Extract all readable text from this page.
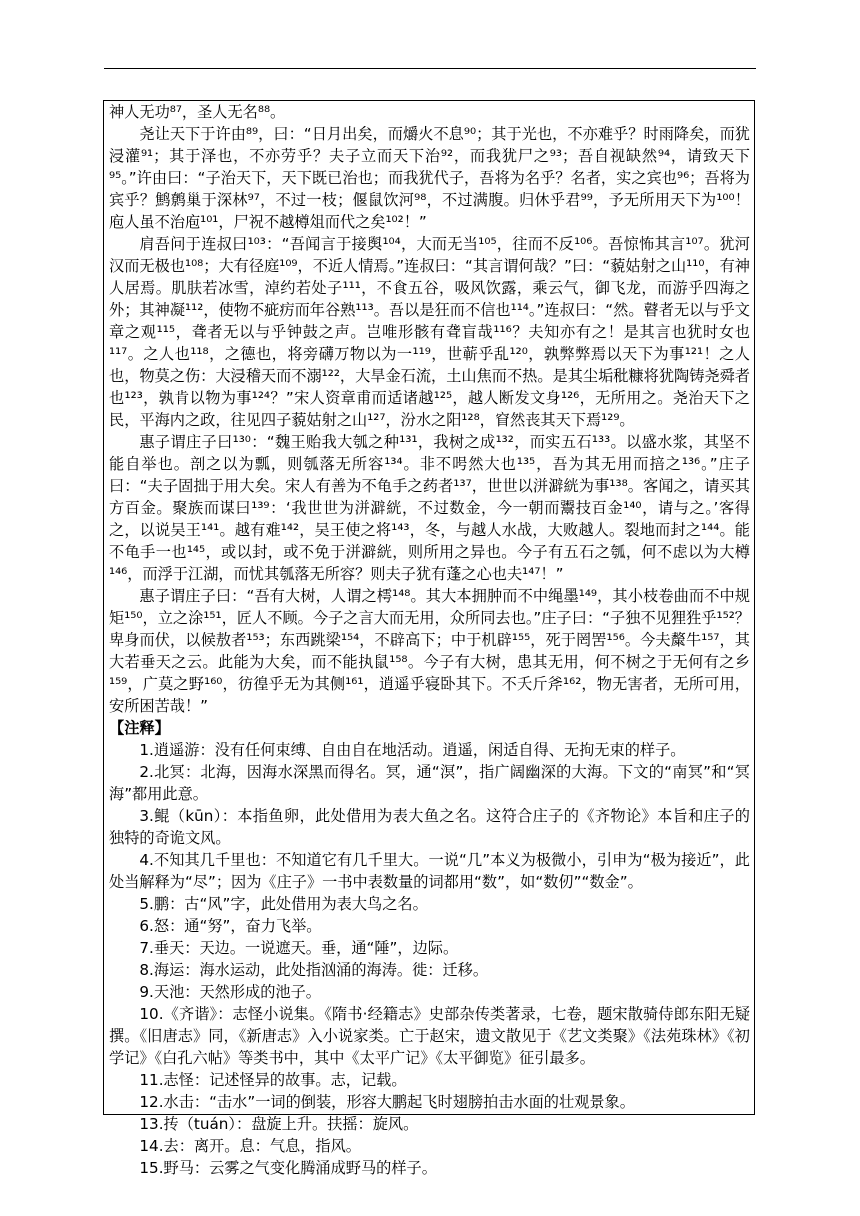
神人无功⁸⁷，圣人无名⁸⁸。

尧让天下于许由⁸⁹，曰：“日月出矣，而爝火不息⁹⁰；其于光也，不亦难乎？时雨降矣，而犹浸灌⁹¹；其于泽也，不亦劳乎？夫子立而天下治⁹²，而我犹尸之⁹³；吾自视缺然⁹⁴，请致天下⁹⁵。”许由曰：“子治天下，天下既已治也；而我犹代子，吾将为名乎？名者，实之宾也⁹⁶；吾将为宾乎？鹪鹩巢于深林⁹⁷，不过一枝；偃鼠饮河⁹⁸，不过满腹。归休乎君⁹⁹，予无所用天下为¹⁰⁰！庖人虽不治庖¹⁰¹，尸祝不越樽俎而代之矣¹⁰²！”

肩吾问于连叔曰¹⁰³：“吾闻言于接舆¹⁰⁴，大而无当¹⁰⁵，往而不反¹⁰⁶。吾惊怖其言¹⁰⁷。犹河汉而无极也¹⁰⁸；大有径庭¹⁰⁹，不近人情焉。”连叔曰：“其言谓何哉？”曰：“藐姑射之山¹¹⁰，有神人居焉。肌肤若冰雪，淖约若处子¹¹¹，不食五谷，吸风饮露，乘云气，御飞龙，而游乎四海之外；其神凝¹¹²，使物不疵疠而年谷熟¹¹³。吾以是狂而不信也¹¹⁴。”连叔曰：“然。瞽者无以与乎文章之观¹¹⁵，聋者无以与乎钟鼓之声。岂唯形骸有聋盲哉¹¹⁶？夫知亦有之！是其言也犹时女也¹¹⁷。之人也¹¹⁸，之德也，将旁礴万物以为一¹¹⁹，世蕲乎乱¹²⁰，孰弊弊焉以天下为事¹²¹！之人也，物莫之伤：大浸稽天而不溺¹²²，大旱金石流，土山焦而不热。是其尘垢秕糠将犹陶铸尧舜者也¹²³，孰肯以物为事¹²⁴？”宋人资章甫而适诸越¹²⁵，越人断发文身¹²⁶，无所用之。尧治天下之民，平海内之政，往见四子藐姑射之山¹²⁷，汾水之阳¹²⁸，窅然丧其天下焉¹²⁹。

惠子谓庄子曰¹³⁰：“魏王贻我大瓠之种¹³¹，我树之成¹³²，而实五石¹³³。以盛水浆，其坚不能自举也。剖之以为瓢，则瓠落无所容¹³⁴。非不呺然大也¹³⁵，吾为其无用而掊之¹³⁶。”庄子曰：“夫子固拙于用大矣。宋人有善为不龟手之药者¹³⁷，世世以洴澼絖为事¹³⁸。客闻之，请买其方百金。聚族而谋曰¹³⁹：‘我世世为洴澼絖，不过数金，今一朝而鬻技百金¹⁴⁰，请与之。’客得之，以说吴王¹⁴¹。越有难¹⁴²，吴王使之将¹⁴³，冬，与越人水战，大败越人。裂地而封之¹⁴⁴。能不龟手一也¹⁴⁵，或以封，或不免于洴澼絖，则所用之异也。今子有五石之瓠，何不虑以为大樽¹⁴⁶，而浮于江湖，而忧其瓠落无所容？则夫子犹有蓬之心也夫¹⁴⁷！”

惠子谓庄子曰：“吾有大树，人谓之樗¹⁴⁸。其大本拥肿而不中绳墨¹⁴⁹，其小枝卷曲而不中规矩¹⁵⁰，立之涂¹⁵¹，匠人不顾。今子之言大而无用，众所同去也。”庄子曰：“子独不见狸狌乎¹⁵²？卑身而伏，以候敖者¹⁵³；东西跳梁¹⁵⁴，不辟高下；中于机辟¹⁵⁵，死于罔罟¹⁵⁶。今夫斄牛¹⁵⁷，其大若垂天之云。此能为大矣，而不能执鼠¹⁵⁸。今子有大树，患其无用，何不树之于无何有之乡¹⁵⁹，广莫之野¹⁶⁰，彷徨乎无为其侧¹⁶¹，逍遥乎寝卧其下。不夭斤斧¹⁶²，物无害者，无所可用，安所困苦哉！”

【注释】

1.逍遥游：没有任何束缚、自由自在地活动。逍遥，闲适自得、无拘无束的样子。

2.北冥：北海，因海水深黑而得名。冥，通“溟”，指广阔幽深的大海。下文的“南冥”和“冥海”都用此意。

3.鲲（kūn）：本指鱼卵，此处借用为表大鱼之名。这符合庄子的《齐物论》本旨和庄子的独特的奇诡文风。

4.不知其几千里也：不知道它有几千里大。一说“几”本义为极微小，引申为“极为接近”，此处当解释为“尽”；因为《庄子》一书中表数量的词都用“数”，如“数仞”“数金”。

5.鹏：古“风”字，此处借用为表大鸟之名。

6.怒：通“努”，奋力飞举。

7.垂天：天边。一说遮天。垂，通“陲”，边际。

8.海运：海水运动，此处指汹涌的海涛。徙：迁移。

9.天池：天然形成的池子。

10.《齐谐》：志怪小说集。《隋书·经籍志》史部杂传类著录，七卷，题宋散骑侍郎东阳无疑撰。《旧唐志》同，《新唐志》入小说家类。亡于赵宋，遗文散见于《艺文类聚》《法苑珠林》《初学记》《白孔六帖》等类书中，其中《太平广记》《太平御览》征引最多。

11.志怪：记述怪异的故事。志，记载。

12.水击：“击水”一词的倒装，形容大鹏起飞时翅膀拍击水面的壮观景象。

13.抟（tuán）：盘旋上升。扶摇：旋风。

14.去：离开。息：气息，指风。

15.野马：云雾之气变化腾涌成野马的样子。
